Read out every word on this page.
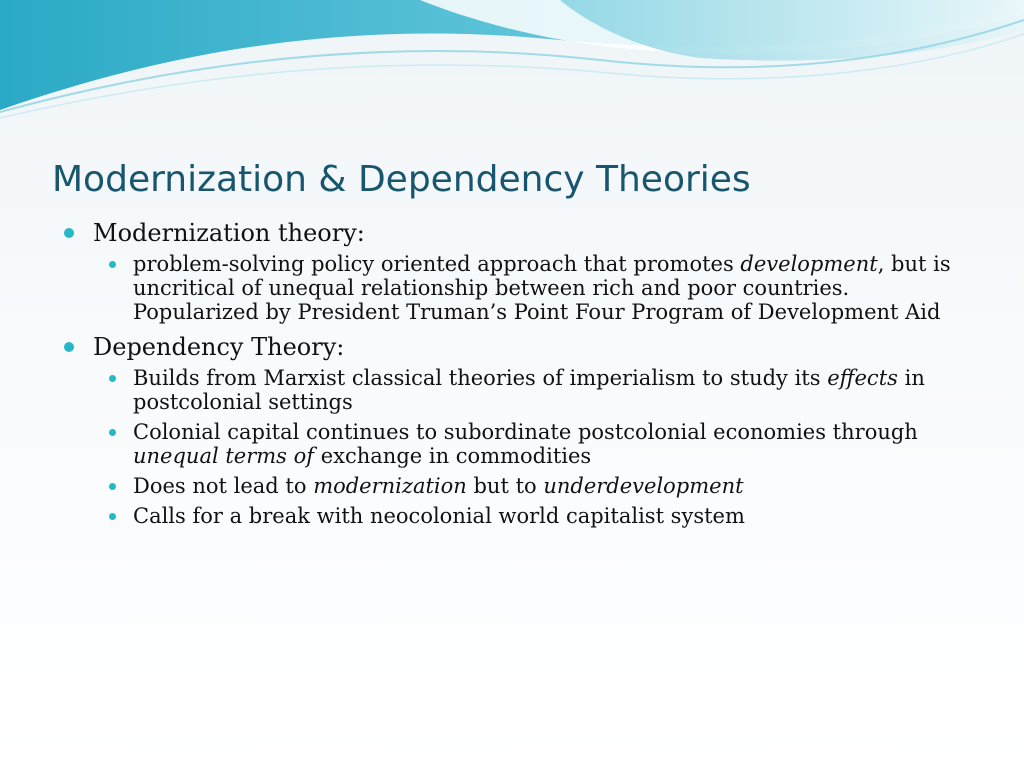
Modernization & Dependency Theories
Modernization theory:
problem-solving policy oriented approach that promotes development, but is uncritical of unequal relationship between rich and poor countries. Popularized by President Truman’s Point Four Program of Development Aid
Dependency Theory:
Builds from Marxist classical theories of imperialism to study its effects in postcolonial settings
Colonial capital continues to subordinate postcolonial economies through unequal terms of exchange in commodities
Does not lead to modernization but to underdevelopment
Calls for a break with neocolonial world capitalist system
